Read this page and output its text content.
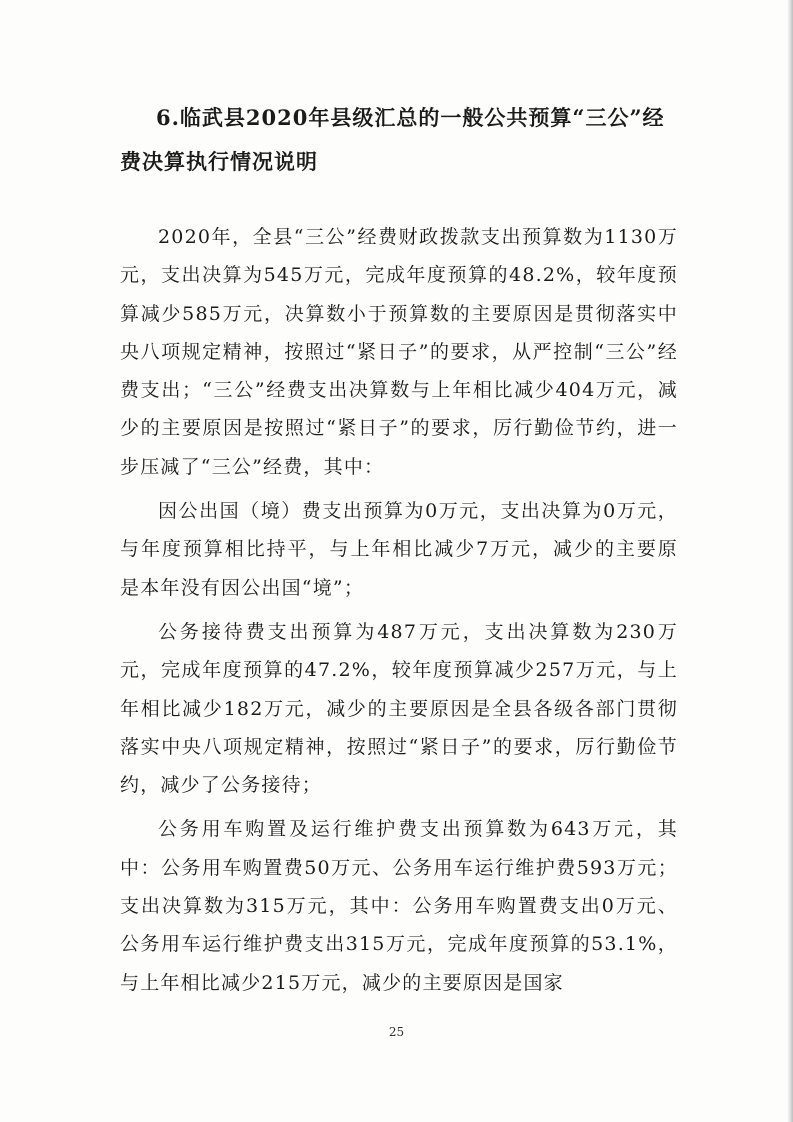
6.临武县2020年县级汇总的一般公共预算“三公”经
费决算执行情况说明

2020年，全县“三公”经费财政拨款支出预算数为1130万元，支出决算为545万元，完成年度预算的48.2%，较年度预算减少585万元，决算数小于预算数的主要原因是贯彻落实中央八项规定精神，按照过“紧日子”的要求，从严控制“三公”经费支出；“三公”经费支出决算数与上年相比减少404万元，减少的主要原因是按照过“紧日子”的要求，厉行勤俭节约，进一步压减了“三公”经费，其中：

因公出国（境）费支出预算为0万元，支出决算为0万元，与年度预算相比持平，与上年相比减少7万元，减少的主要原是本年没有因公出国“境”；

公务接待费支出预算为487万元，支出决算数为230万元，完成年度预算的47.2%，较年度预算减少257万元，与上年相比减少182万元，减少的主要原因是全县各级各部门贯彻落实中央八项规定精神，按照过“紧日子”的要求，厉行勤俭节约，减少了公务接待；

公务用车购置及运行维护费支出预算数为643万元，其中：公务用车购置费50万元、公务用车运行维护费593万元；支出决算数为315万元，其中：公务用车购置费支出0万元、公务用车运行维护费支出315万元，完成年度预算的53.1%，与上年相比减少215万元，减少的主要原因是国家

25
